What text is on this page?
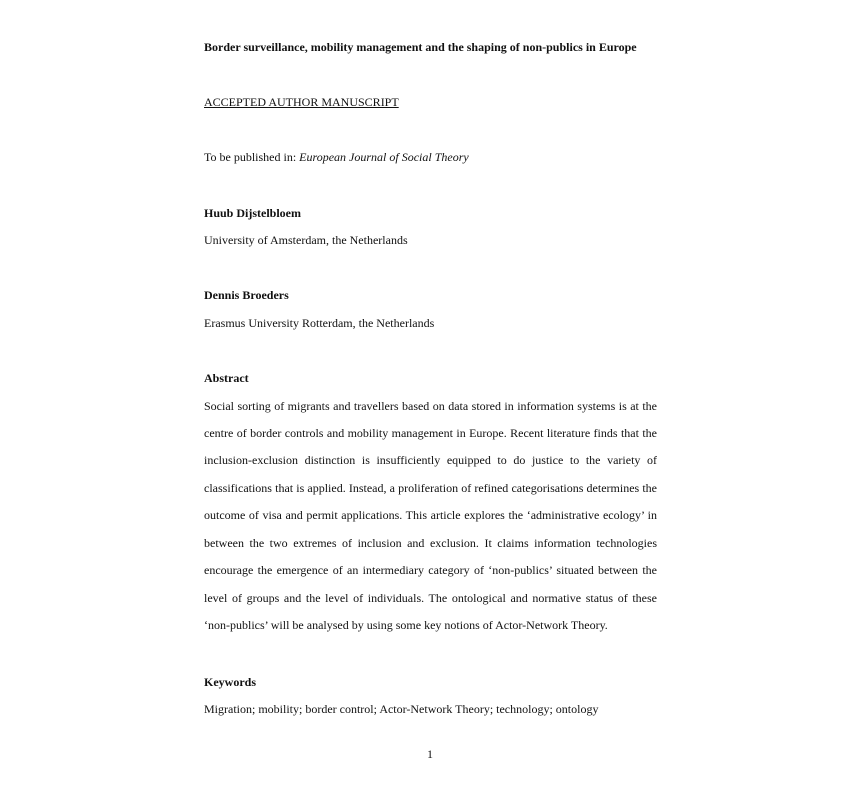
Border surveillance, mobility management and the shaping of non-publics in Europe
ACCEPTED AUTHOR MANUSCRIPT
To be published in: European Journal of Social Theory
Huub Dijstelbloem
University of Amsterdam, the Netherlands
Dennis Broeders
Erasmus University Rotterdam, the Netherlands
Abstract
Social sorting of migrants and travellers based on data stored in information systems is at the
centre of border controls and mobility management in Europe. Recent literature finds that the
inclusion-exclusion distinction is insufficiently equipped to do justice to the variety of
classifications that is applied. Instead, a proliferation of refined categorisations determines the
outcome of visa and permit applications. This article explores the ‘administrative ecology’ in
between the two extremes of inclusion and exclusion. It claims information technologies
encourage the emergence of an intermediary category of ‘non-publics’ situated between the
level of groups and the level of individuals. The ontological and normative status of these
‘non-publics’ will be analysed by using some key notions of Actor-Network Theory.
Keywords
Migration; mobility; border control; Actor-Network Theory; technology; ontology
1
